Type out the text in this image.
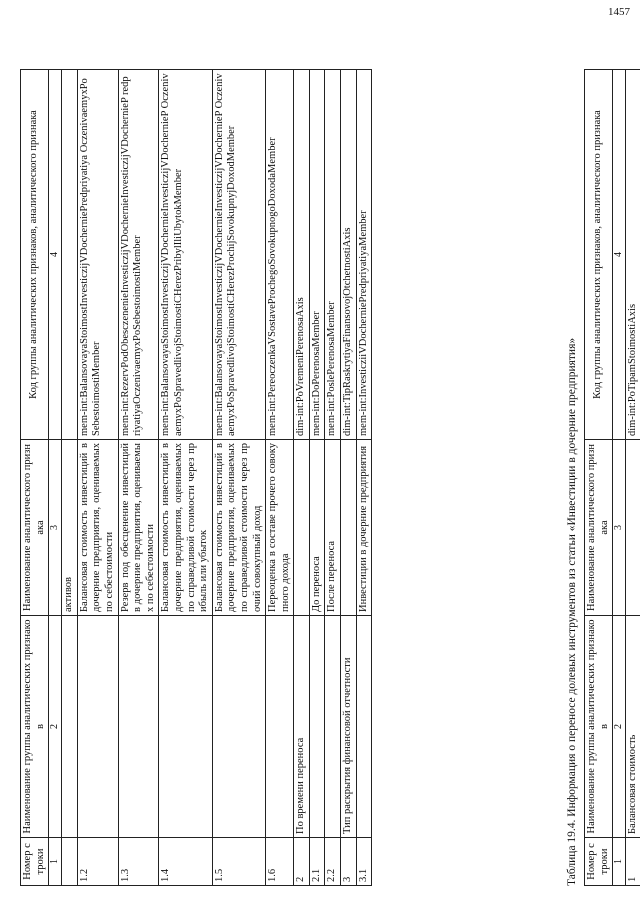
1457
Номер строки	Наименование группы аналитических признаков	Наименование аналитического признака	Код группы аналитических признаков, аналитического признака
1	2	3	4
		активов	
1.2		Балансовая стоимость инвестиций в дочерние предприятия, оцениваемых по себестоимости	mem-int:BalansovayaStoimostInvesticzijVDocherniePredpriyatiya OczenivaemyxPoSebestoimostiMember
1.3		Резерв под обесценение инвестиций в дочерние предприятия, оцениваемых по себестоимости	mem-int:RezervPodObesczenenieInvesticzijVDochernieInvesticzijVDochernieP redpriyatiyaOczenivaemyxPoSebestoimostiMember
1.4		Балансовая стоимость инвестиций в дочерние предприятия, оцениваемых по справедливой стоимости через прибыль или убыток	mem-int:BalansovayaStoimostInvesticzijVDochernieInvesticzijVDochernieP OczenivaemyxPoSpravedlivojStoimostiCHerezPribylIliUbytokMember
1.5		Балансовая стоимость инвестиций в дочерние предприятия, оцениваемых по справедливой стоимости через прочий совокупный доход	mem-int:BalansovayaStoimostInvesticzijVDochernieInvesticzijVDochernieP OczenivaemyxPoSpravedlivojStoimostiCHerezProchijSovokupnyjDoxodMember
1.6		Переоценка в составе прочего совокупного дохода	mem-int:PereoczenkaVSostaveProchegoSovokupnogoDoxodaMember
2	По времени переноса		dim-int:PoVremeniPerenosaAxis
2.1		До переноса	mem-int:DoPerenosaMember
2.2		После переноса	mem-int:PoslePerenosaMember
3	Тип раскрытия финансовой отчетности		dim-int:TipRaskrytiyaFinansovojOtchetnostiAxis
3.1		Инвестиции в дочерние предприятия	mem-int:InvesticziiVDocherniePredpriyatiyaMember
Таблица 19.4. Информация о переносе долевых инструментов из статьи «Инвестиции в дочерние предприятия» Номер строки	Наименование группы аналитических признаков	Наименование аналитического признака	Код группы аналитических признаков, аналитического признака
1	2	3	4
1	Балансовая стоимость		dim-int:PoTipamStoimostiAxis
